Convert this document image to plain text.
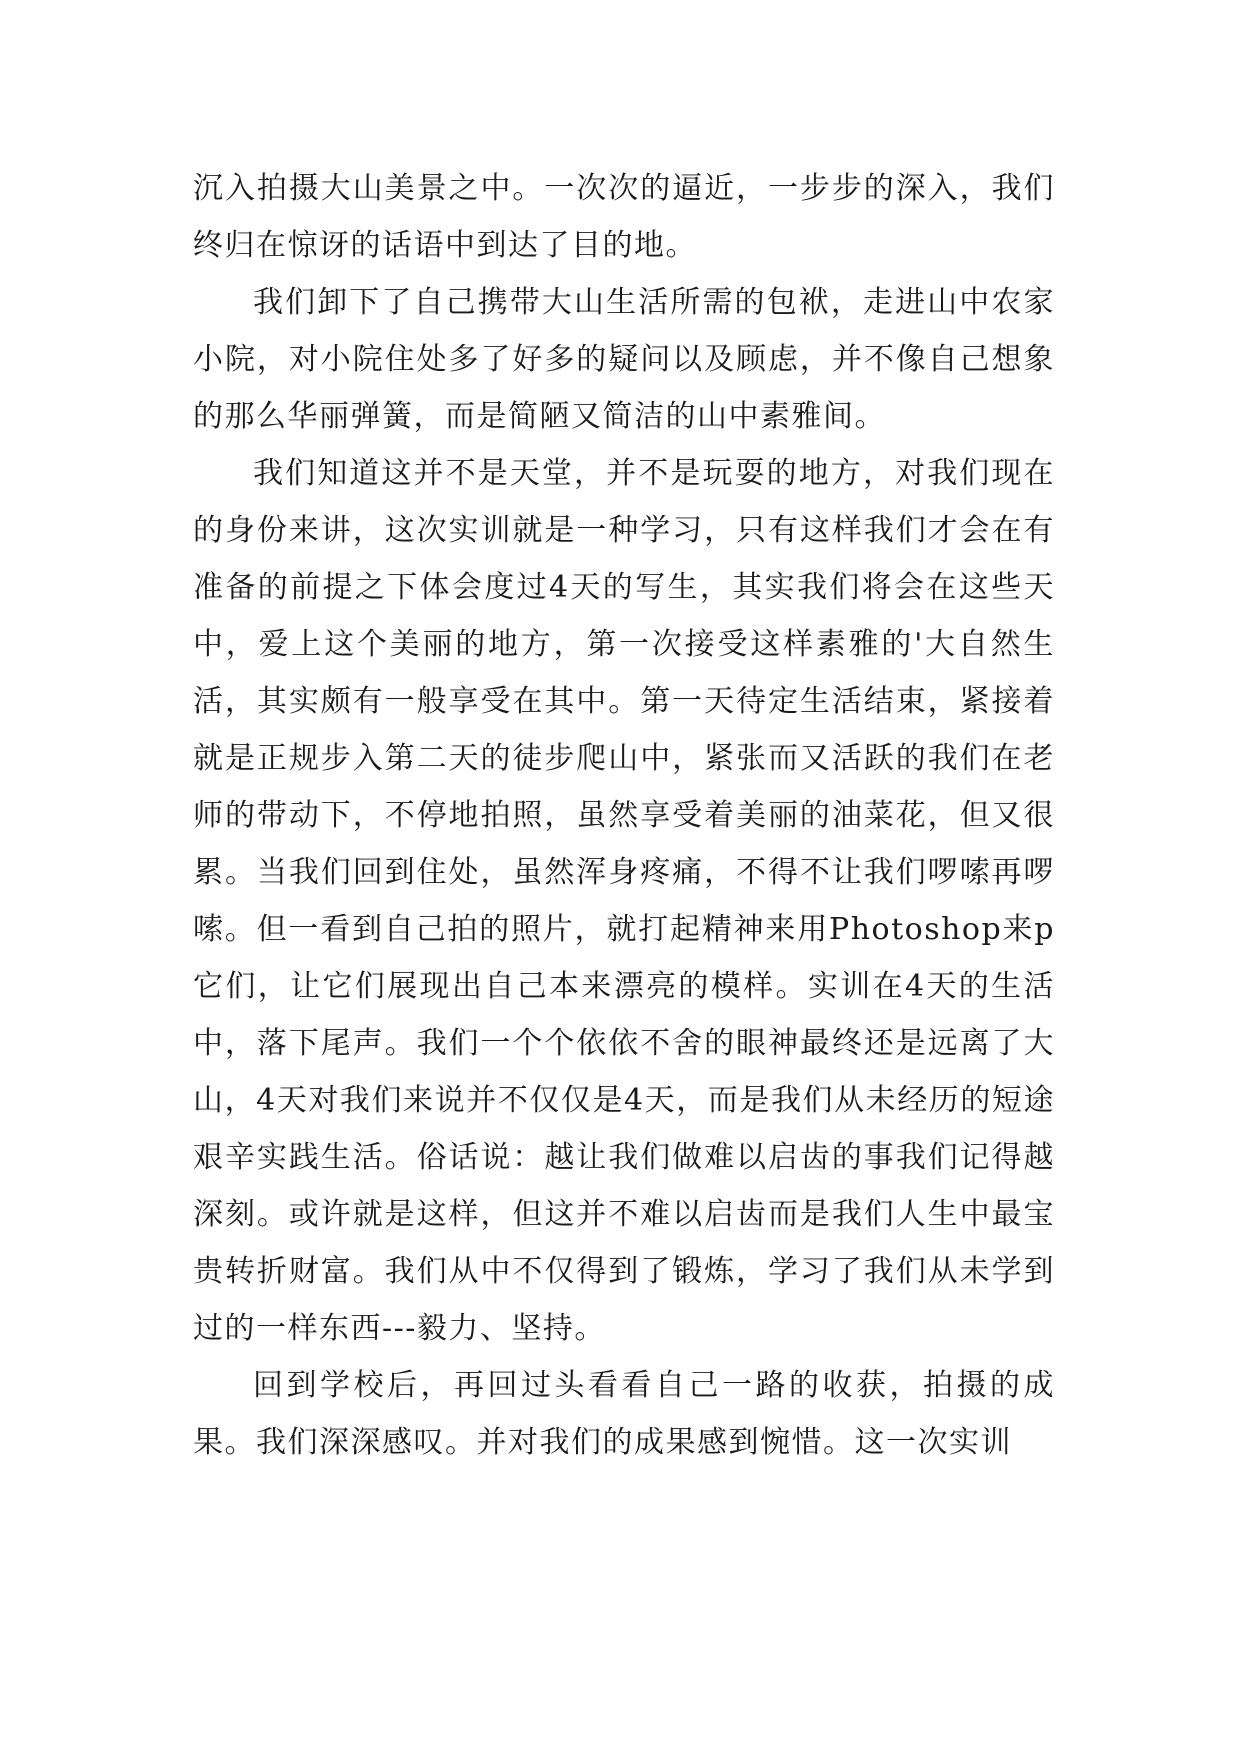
沉入拍摄大山美景之中。一次次的逼近，一步步的深入，我们终归在惊讶的话语中到达了目的地。

我们卸下了自己携带大山生活所需的包袱，走进山中农家小院，对小院住处多了好多的疑问以及顾虑，并不像自己想象的那么华丽弹簧，而是简陋又简洁的山中素雅间。

我们知道这并不是天堂，并不是玩耍的地方，对我们现在的身份来讲，这次实训就是一种学习，只有这样我们才会在有准备的前提之下体会度过4天的写生，其实我们将会在这些天中，爱上这个美丽的地方，第一次接受这样素雅的'大自然生活，其实颇有一般享受在其中。第一天待定生活结束，紧接着就是正规步入第二天的徒步爬山中，紧张而又活跃的我们在老师的带动下，不停地拍照，虽然享受着美丽的油菜花，但又很累。当我们回到住处，虽然浑身疼痛，不得不让我们啰嗦再啰嗦。但一看到自己拍的照片，就打起精神来用Photoshop来p它们，让它们展现出自己本来漂亮的模样。实训在4天的生活中，落下尾声。我们一个个依依不舍的眼神最终还是远离了大山，4天对我们来说并不仅仅是4天，而是我们从未经历的短途艰辛实践生活。俗话说：越让我们做难以启齿的事我们记得越深刻。或许就是这样，但这并不难以启齿而是我们人生中最宝贵转折财富。我们从中不仅得到了锻炼，学习了我们从未学到过的一样东西---毅力、坚持。

回到学校后，再回过头看看自己一路的收获，拍摄的成果。我们深深感叹。并对我们的成果感到惋惜。这一次实训
